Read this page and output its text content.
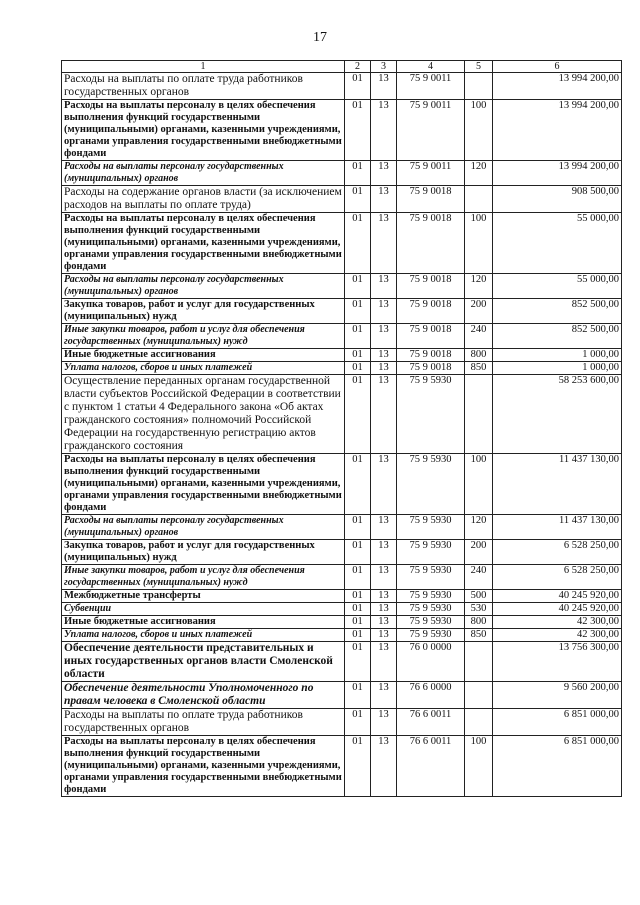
17
1	2	3	4	5	6
Расходы на выплаты по оплате труда работников государственных органов	01	13	75 9 0011		13 994 200,00
Расходы на выплаты персоналу в целях обеспечения выполнения функций государственными (муниципальными) органами, казенными учреждениями, органами управления государственными внебюджетными фондами	01	13	75 9 0011	100	13 994 200,00
Расходы на выплаты персоналу государственных (муниципальных) органов	01	13	75 9 0011	120	13 994 200,00
Расходы на содержание органов власти (за исключением расходов на выплаты по оплате труда)	01	13	75 9 0018		908 500,00
Расходы на выплаты персоналу в целях обеспечения выполнения функций государственными (муниципальными) органами, казенными учреждениями, органами управления государственными внебюджетными фондами	01	13	75 9 0018	100	55 000,00
Расходы на выплаты персоналу государственных (муниципальных) органов	01	13	75 9 0018	120	55 000,00
Закупка товаров, работ и услуг для государственных (муниципальных) нужд	01	13	75 9 0018	200	852 500,00
Иные закупки товаров, работ и услуг для обеспечения государственных (муниципальных) нужд	01	13	75 9 0018	240	852 500,00
Иные бюджетные ассигнования	01	13	75 9 0018	800	1 000,00
Уплата налогов, сборов и иных платежей	01	13	75 9 0018	850	1 000,00
Осуществление переданных органам государственной власти субъектов Российской Федерации в соответствии с пунктом 1 статьи 4 Федерального закона «Об актах гражданского состояния» полномочий Российской Федерации на государственную регистрацию актов гражданского состояния	01	13	75 9 5930		58 253 600,00
Расходы на выплаты персоналу в целях обеспечения выполнения функций государственными (муниципальными) органами, казенными учреждениями, органами управления государственными внебюджетными фондами	01	13	75 9 5930	100	11 437 130,00
Расходы на выплаты персоналу государственных (муниципальных) органов	01	13	75 9 5930	120	11 437 130,00
Закупка товаров, работ и услуг для государственных (муниципальных) нужд	01	13	75 9 5930	200	6 528 250,00
Иные закупки товаров, работ и услуг для обеспечения государственных (муниципальных) нужд	01	13	75 9 5930	240	6 528 250,00
Межбюджетные трансферты	01	13	75 9 5930	500	40 245 920,00
Субвенции	01	13	75 9 5930	530	40 245 920,00
Иные бюджетные ассигнования	01	13	75 9 5930	800	42 300,00
Уплата налогов, сборов и иных платежей	01	13	75 9 5930	850	42 300,00
Обеспечение деятельности представительных и иных государственных органов власти Смоленской области	01	13	76 0 0000		13 756 300,00
Обеспечение деятельности Уполномоченного по правам человека в Смоленской области	01	13	76 6 0000		9 560 200,00
Расходы на выплаты по оплате труда работников государственных органов	01	13	76 6 0011		6 851 000,00
Расходы на выплаты персоналу в целях обеспечения выполнения функций государственными (муниципальными) органами, казенными учреждениями, органами управления государственными внебюджетными фондами	01	13	76 6 0011	100	6 851 000,00
